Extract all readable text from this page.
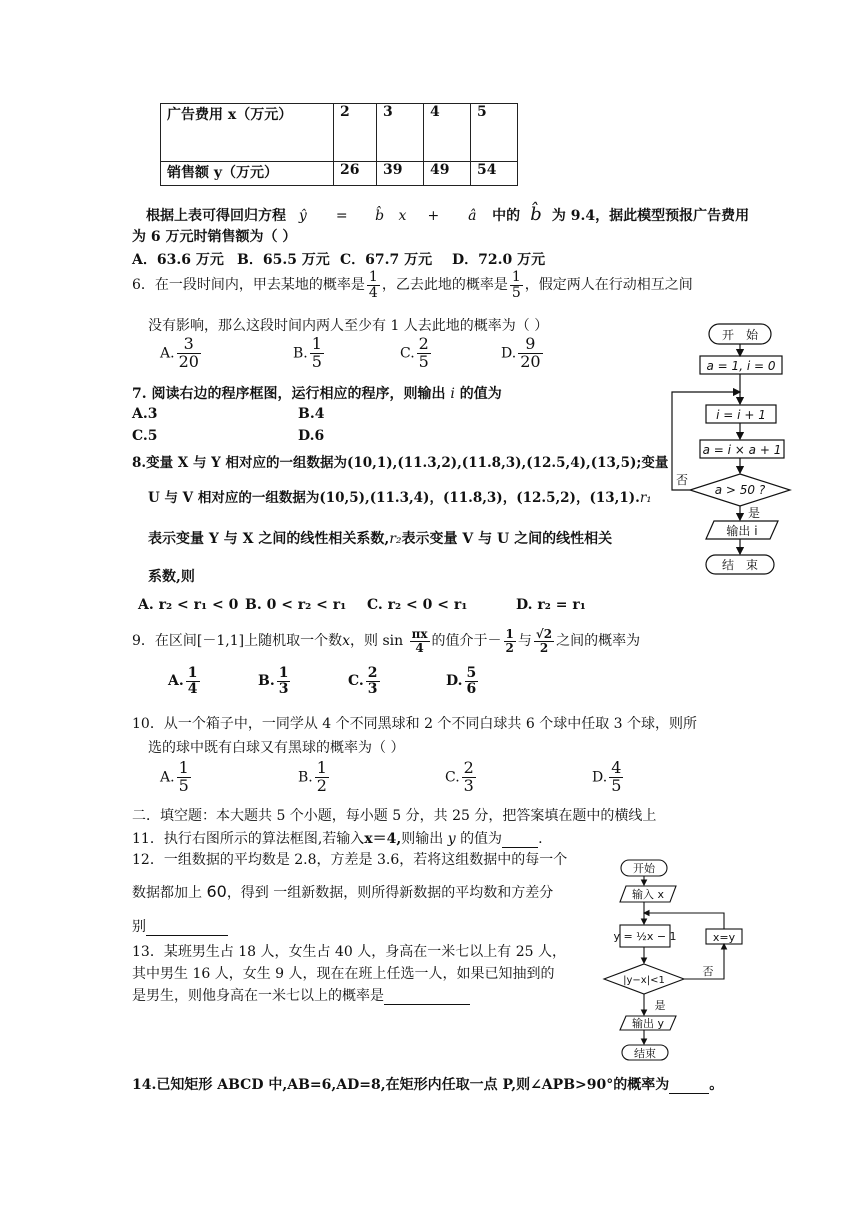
广告费用 x（万元）	2	3	4	5
销售额 y（万元）	26	39	49	54
根据上表可得回归方程 ŷ = b̂ x + â 中的 b̂ 为 9.4，据此模型预报广告费用
为 6 万元时销售额为（ ）
A．63.6 万元 B．65.5 万元 C．67.7 万元 D．72.0 万元
6．在一段时间内，甲去某地的概率是 $\frac{1}{4}$ ，乙去此地的概率是 $\frac{1}{5}$ ，假定两人在行动相互之间
没有影响，那么这段时间内两人至少有 1 人去此地的概率为（ ）
A. $\frac{3}{20}$	B. $\frac{1}{5}$	C. $\frac{2}{5}$	D. $\frac{9}{20}$
7. 阅读右边的程序框图，运行相应的程序，则输出 i 的值为
A.3	B.4
C.5	D.6
8.变量 X 与 Y 相对应的一组数据为(10,1),(11.3,2),(11.8,3),(12.5,4),(13,5);变量
U 与 V 相对应的一组数据为(10,5),(11.3,4)，(11.8,3)，(12.5,2)，(13,1).r₁
表示变量 Y 与 X 之间的线性相关系数,r₂表示变量 V 与 U 之间的线性相关
系数,则
A. r₂ < r₁ < 0 B. 0 < r₂ < r₁ C. r₂ < 0 < r₁	D. r₂ = r₁
9．在区间[－1,1]上随机取一个数x，则 $\sin \frac{\pi x}{4}$ 的值介于－ $\frac{1}{2}$ 与 $\frac{√2}{2}$ 之间的概率为
A. $\frac{1}{4}$	B. $\frac{1}{3}$	C. $\frac{2}{3}$	D. $\frac{5}{6}$
10．从一个箱子中，一同学从 4 个不同黑球和 2 个不同白球共 6 个球中任取 3 个球，则所
选的球中既有白球又有黑球的概率为（ ）
A. $\frac{1}{5}$	B. $\frac{1}{2}$	C. $\frac{2}{3}$	D. $\frac{4}{5}$
二．填空题：本大题共 5 个小题，每小题 5 分，共 25 分，把答案填在题中的横线上
11．执行右图所示的算法框图,若输入x＝4,则输出 y 的值为	.
12．一组数据的平均数是 2.8，方差是 3.6，若将这组数据中的每一个
数据都加上 60，得到 一组新数据，则所得新数据的平均数和方差分
别
13．某班男生占 18 人，女生占 40 人，身高在一米七以上有 25 人，
其中男生 16 人，女生 9 人，现在在班上任选一人，如果已知抽到的
是男生，则他身高在一米七以上的概率是
14.已知矩形 ABCD 中,AB=6,AD=8,在矩形内任取一点 P,则∠APB>90°的概率为	。
开　始
a = 1, i = 0
i = i + 1
a = i × a + 1
a > 50 ?
否
是
输出 i
结　束
开始
输入 x
y = ½x − 1
|y−x|<1
x=y
否
是
输出 y
结束
